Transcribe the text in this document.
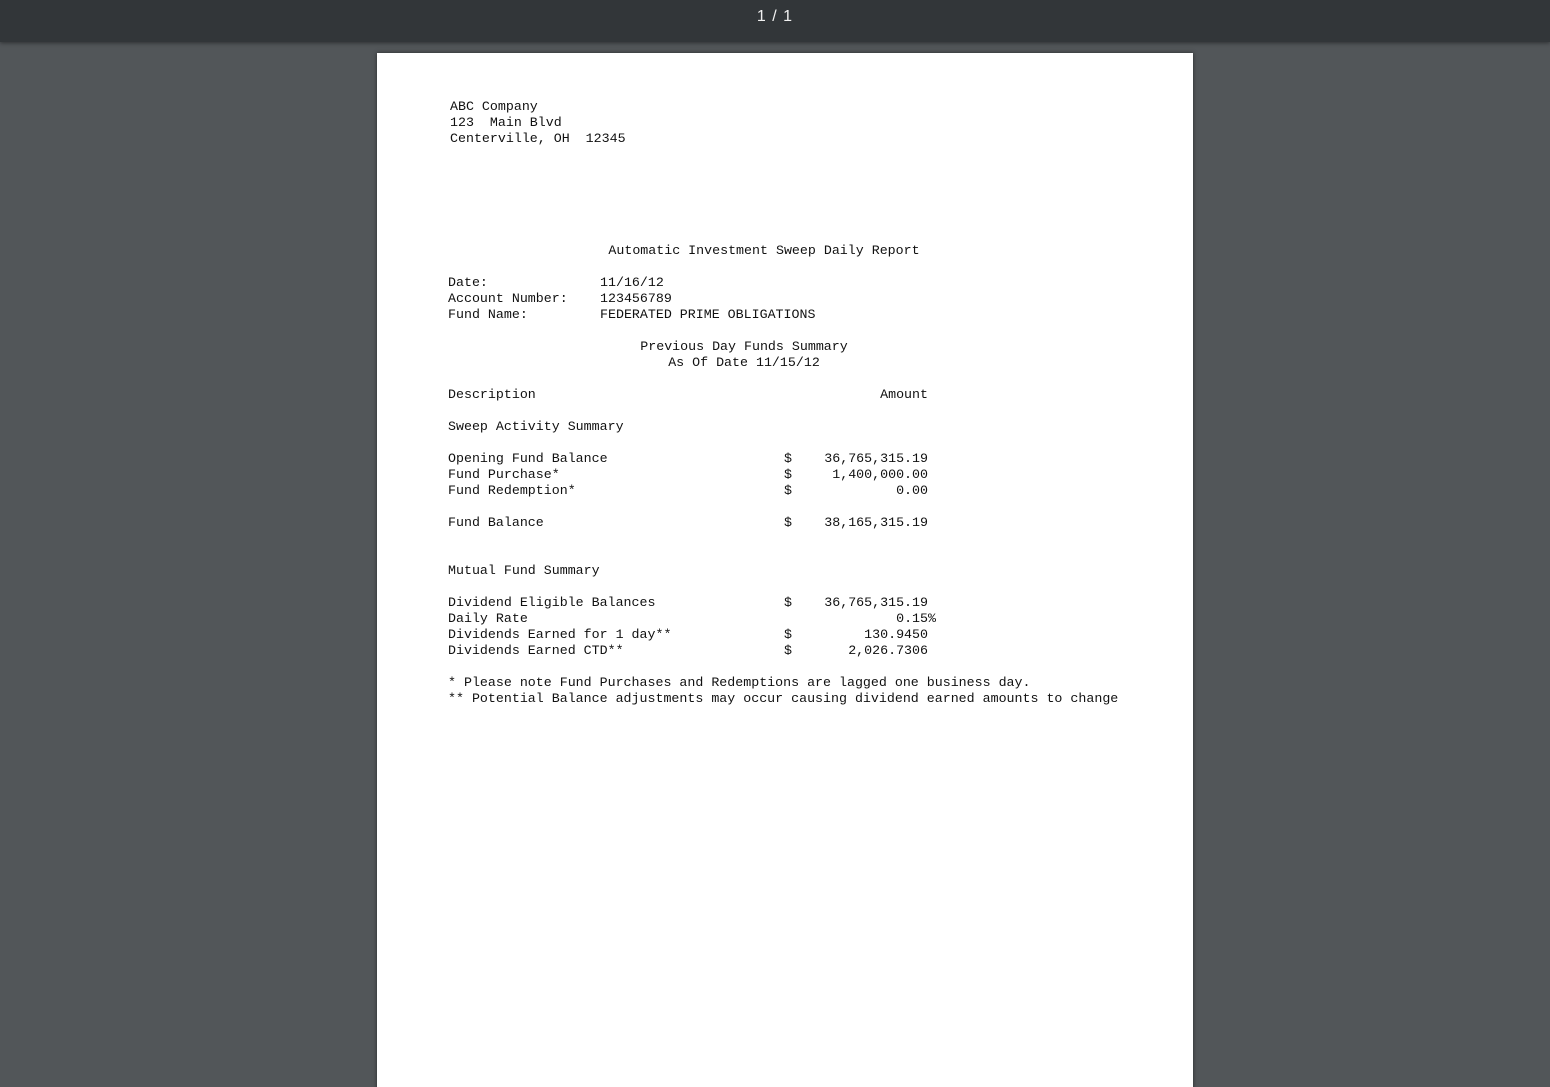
1 / 1
ABC Company
123  Main Blvd
Centerville, OH  12345
Automatic Investment Sweep Daily Report
Date:	11/16/12
Account Number: 123456789
Fund Name:	FEDERATED PRIME OBLIGATIONS
Previous Day Funds Summary
As Of Date 11/15/12
Description	Amount
Sweep Activity Summary
Opening Fund Balance	$	36,765,315.19
Fund Purchase*	$	1,400,000.00
Fund Redemption*	$	0.00
Fund Balance	$	38,165,315.19
Mutual Fund Summary
Dividend Eligible Balances	$	36,765,315.19
Daily Rate	0.15%
Dividends Earned for 1 day**	$	130.9450
Dividends Earned CTD**	$	2,026.7306
* Please note Fund Purchases and Redemptions are lagged one business day.
** Potential Balance adjustments may occur causing dividend earned amounts to change
